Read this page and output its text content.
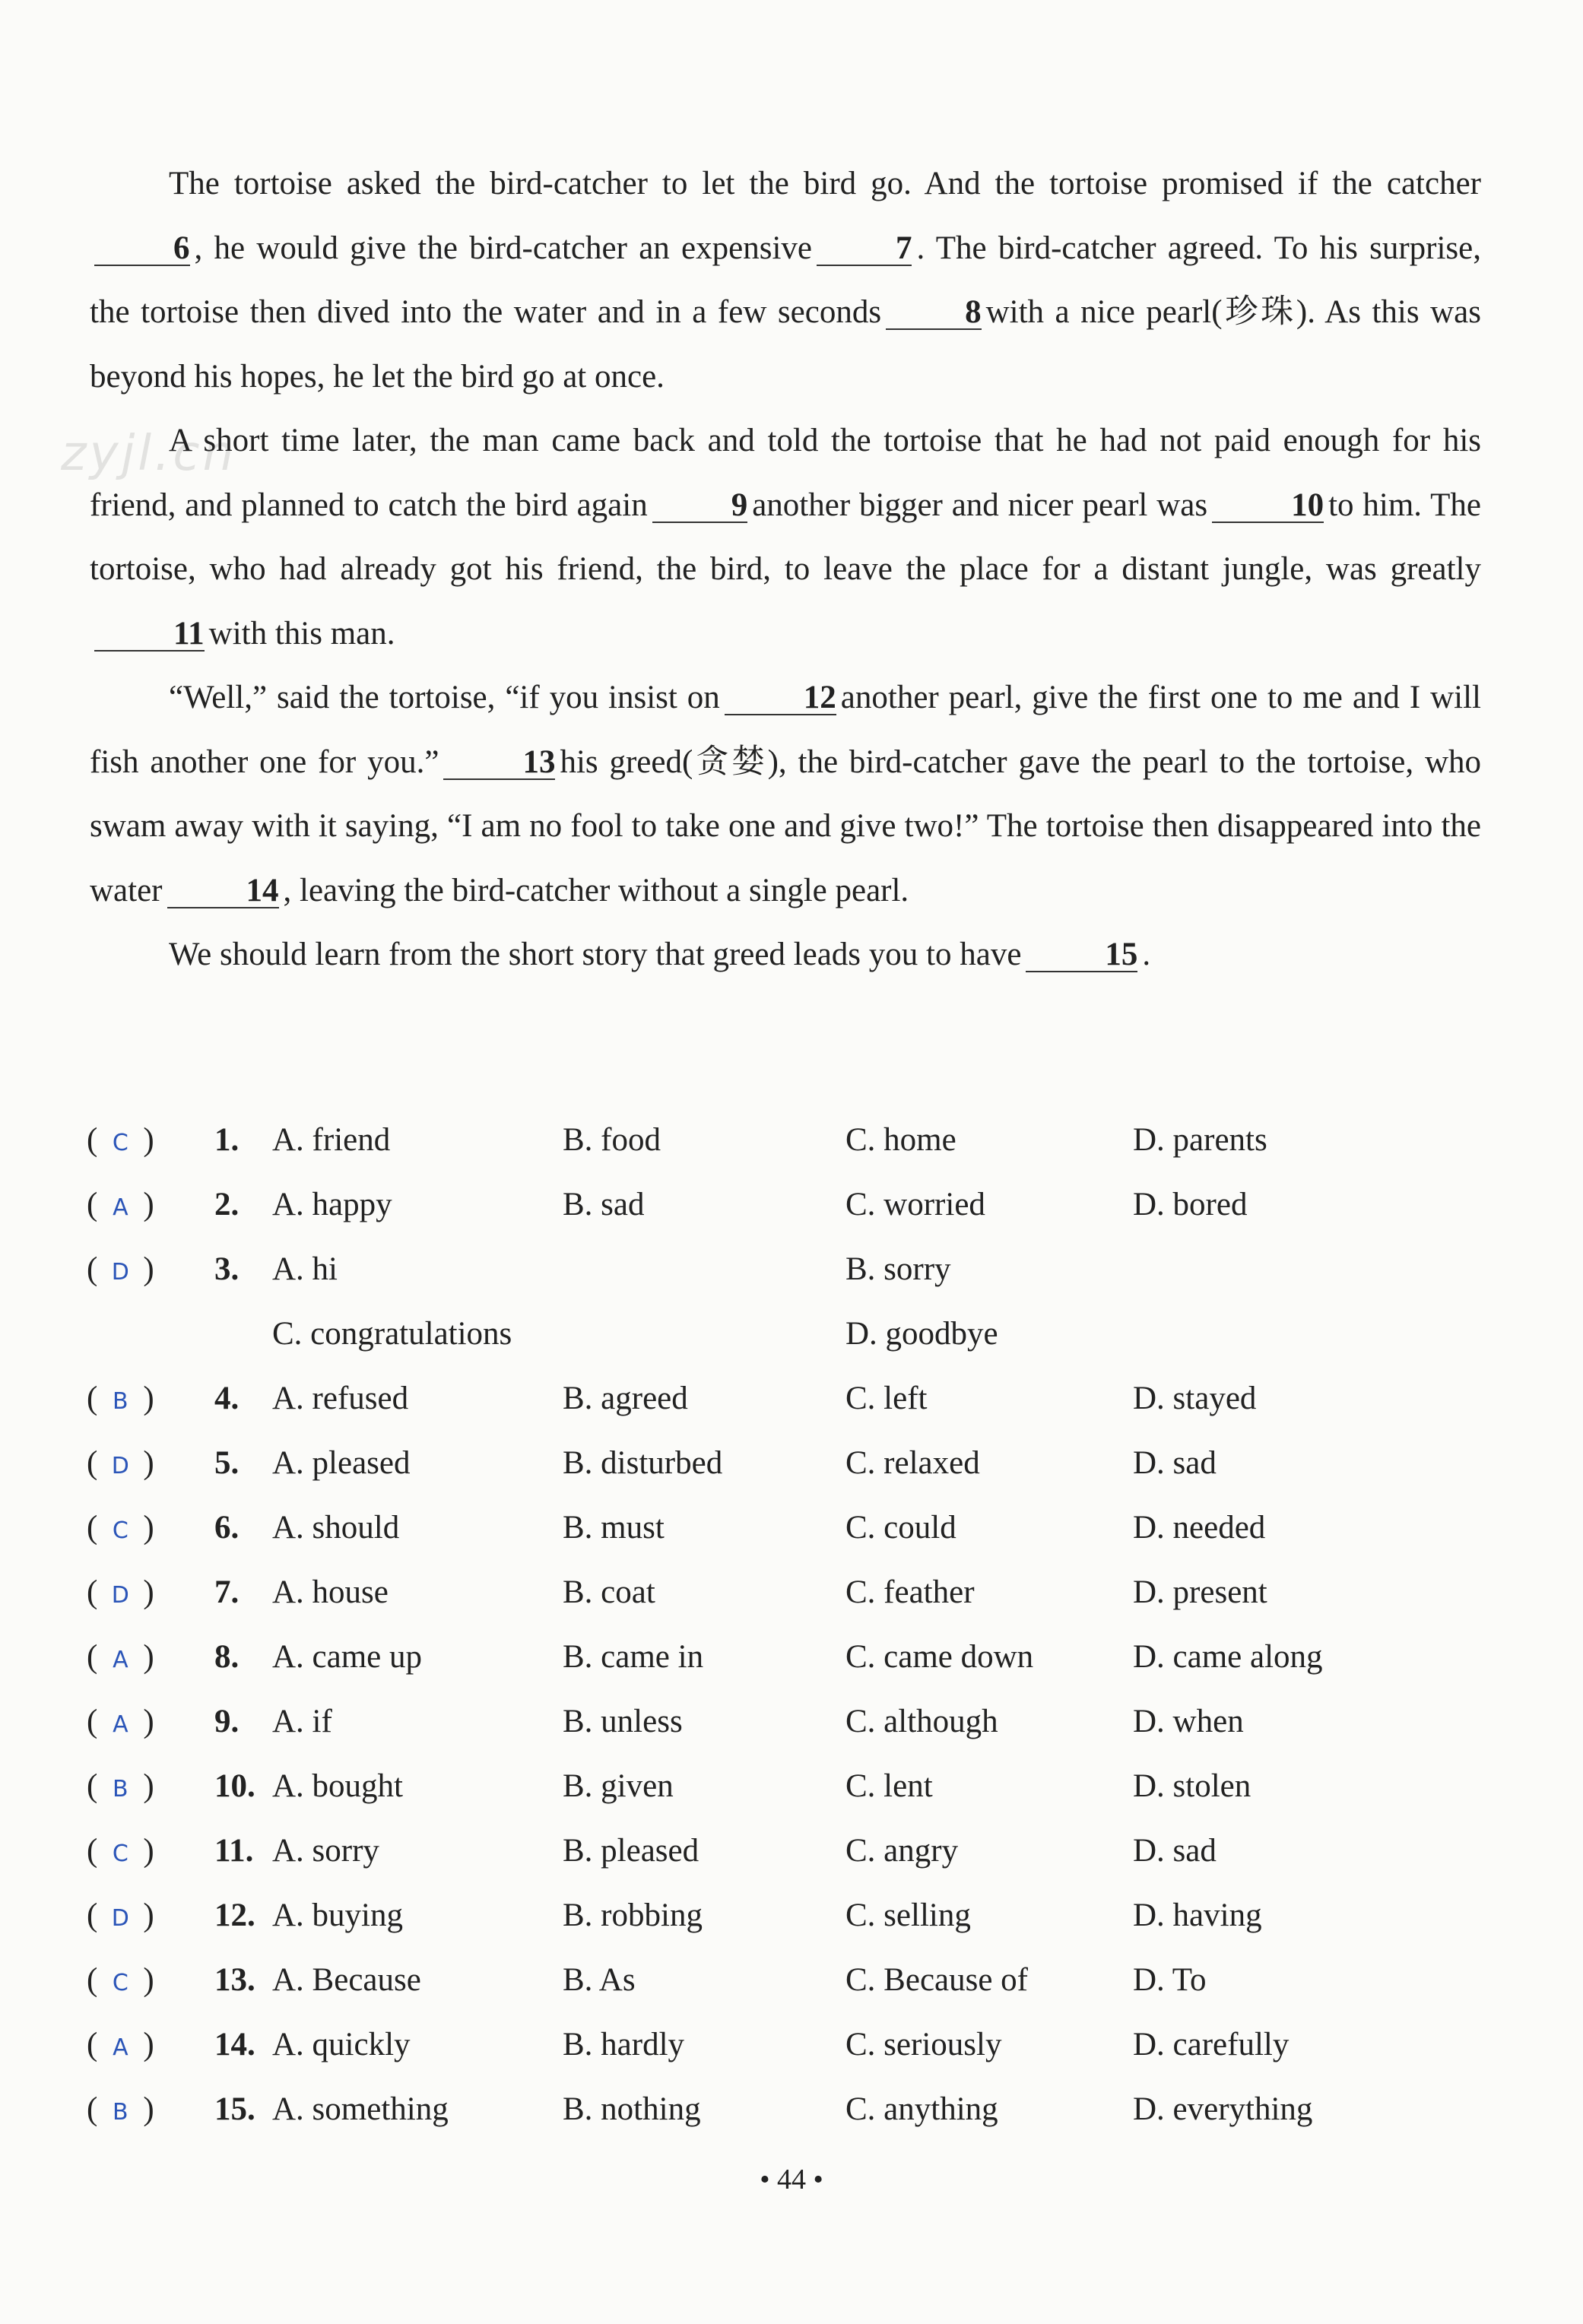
zyjl.cn

The tortoise asked the bird-catcher to let the bird go. And the tortoise promised if the catcher6 , he would give the bird-catcher an expensive	7 . The bird-catcher agreed. To his surprise, the tortoise then dived into the water and in a few seconds	8 with a nice pearl(珍珠). As this was beyond his hopes, he let the bird go at once.

A short time later, the man came back and told the tortoise that he had not paid enough for his friend, and planned to catch the bird again	9 another bigger and nicer pearl was	10 to him. The tortoise, who had already got his friend, the bird, to leave the place for a distant jungle, was greatly11 with this man.

“Well,” said the tortoise, “if you insist on	12 another pearl, give the first one to me and I will fish another one for you.”	13 his greed(贪婪), the bird-catcher gave the pearl to the tortoise, who swam away with it saying, “I am no fool to take one and give two!” The tortoise then disappeared into the water	14 , leaving the bird-catcher without a single pearl.

We should learn from the short story that greed leads you to have	15 .

( C ) 1. A. friend	B. food	C. home	D. parents
( A ) 2. A. happy	B. sad	C. worried	D. bored
( D ) 3. A. hi	B. sorry
C. congratulations	D. goodbye
( B ) 4. A. refused	B. agreed	C. left	D. stayed
( D ) 5. A. pleased	B. disturbed	C. relaxed	D. sad
( C ) 6. A. should	B. must	C. could	D. needed
( D ) 7. A. house	B. coat	C. feather	D. present
( A ) 8. A. came up	B. came in	C. came down	D. came along
( A ) 9. A. if	B. unless	C. although	D. when
( B ) 10. A. bought	B. given	C. lent	D. stolen
( C ) 11. A. sorry	B. pleased	C. angry	D. sad
( D ) 12. A. buying	B. robbing	C. selling	D. having
( C ) 13. A. Because	B. As	C. Because of	D. To
( A ) 14. A. quickly	B. hardly	C. seriously	D. carefully
( B ) 15. A. something	B. nothing	C. anything	D. everything
• 44 •
